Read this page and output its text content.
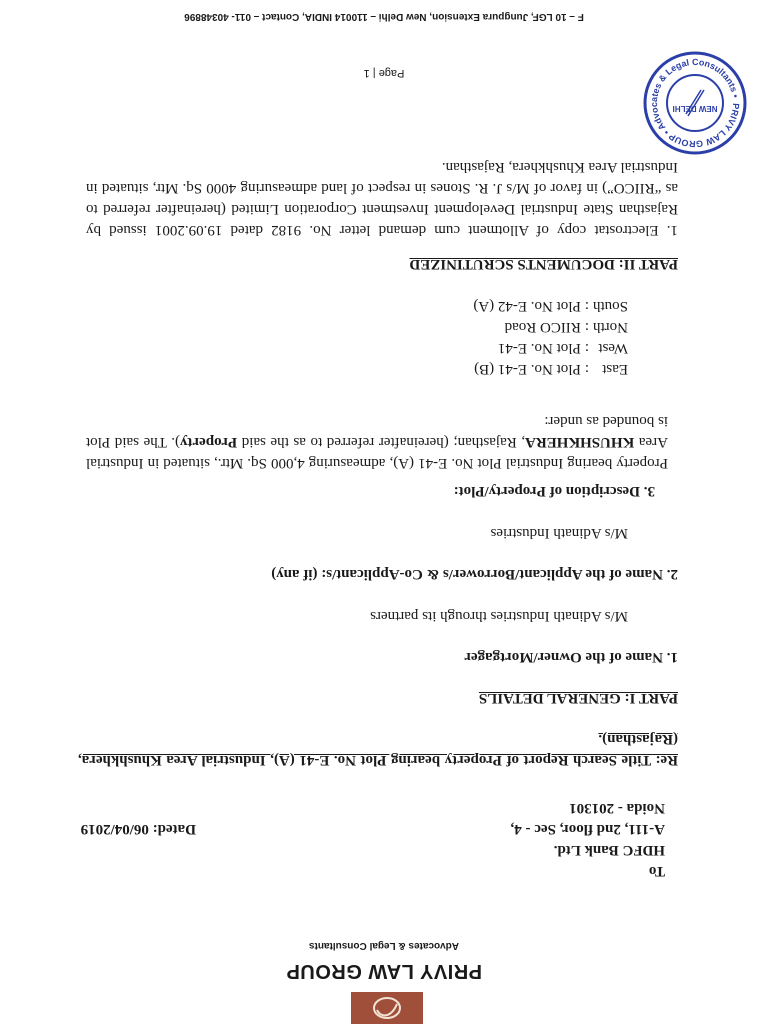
PRIVY LAW GROUP
Advocates & Legal Consultants
To
HDFC Bank Ltd.
A-111, 2nd floor, Sec - 4,
Noida - 201301
Dated: 06/04/2019
Re: Title Search Report of Property bearing Plot No. E-41 (A), Industrial Area Khushkhera, (Rajasthan).
PART I: GENERAL DETAILS
1. Name of the Owner/Mortgager
M/s Adinath Industries through its partners
2. Name of the Applicant/Borrower/s & Co-Applicant/s: (if any)
M/s Adinath Industries
3. Description of Property/Plot:
Property bearing Industrial Plot No. E-41 (A), admeasuring 4,000 Sq. Mtr., situated in Industrial Area KHUSHKHERA, Rajasthan; (hereinafter referred to as the said Property). The said Plot is bounded as under:
East	:	Plot No. E-41 (B)
West	:	Plot No. E-41
North	:	RIICO Road
South	:	Plot No. E-42 (A)
PART II: DOCUMENTS SCRUTINIZED
1. Electrostat copy of Allotment cum demand letter No. 9182 dated 19.09.2001 issued by Rajasthan State Industrial Development Investment Corporation Limited (hereinafter referred to as “RIICO”) in favor of M/s J. R. Stones in respect of land admeasuring 4000 Sq. Mtr, situated in Industrial Area Khushkhera, Rajasthan.
PRIVY LAW GROUP • Advocates & Legal Consultants •
NEW DELHI
Page | 1
F – 10 LGF, Jungpura Extension, New Delhi – 110014 INDIA, Contact – 011- 40348896
